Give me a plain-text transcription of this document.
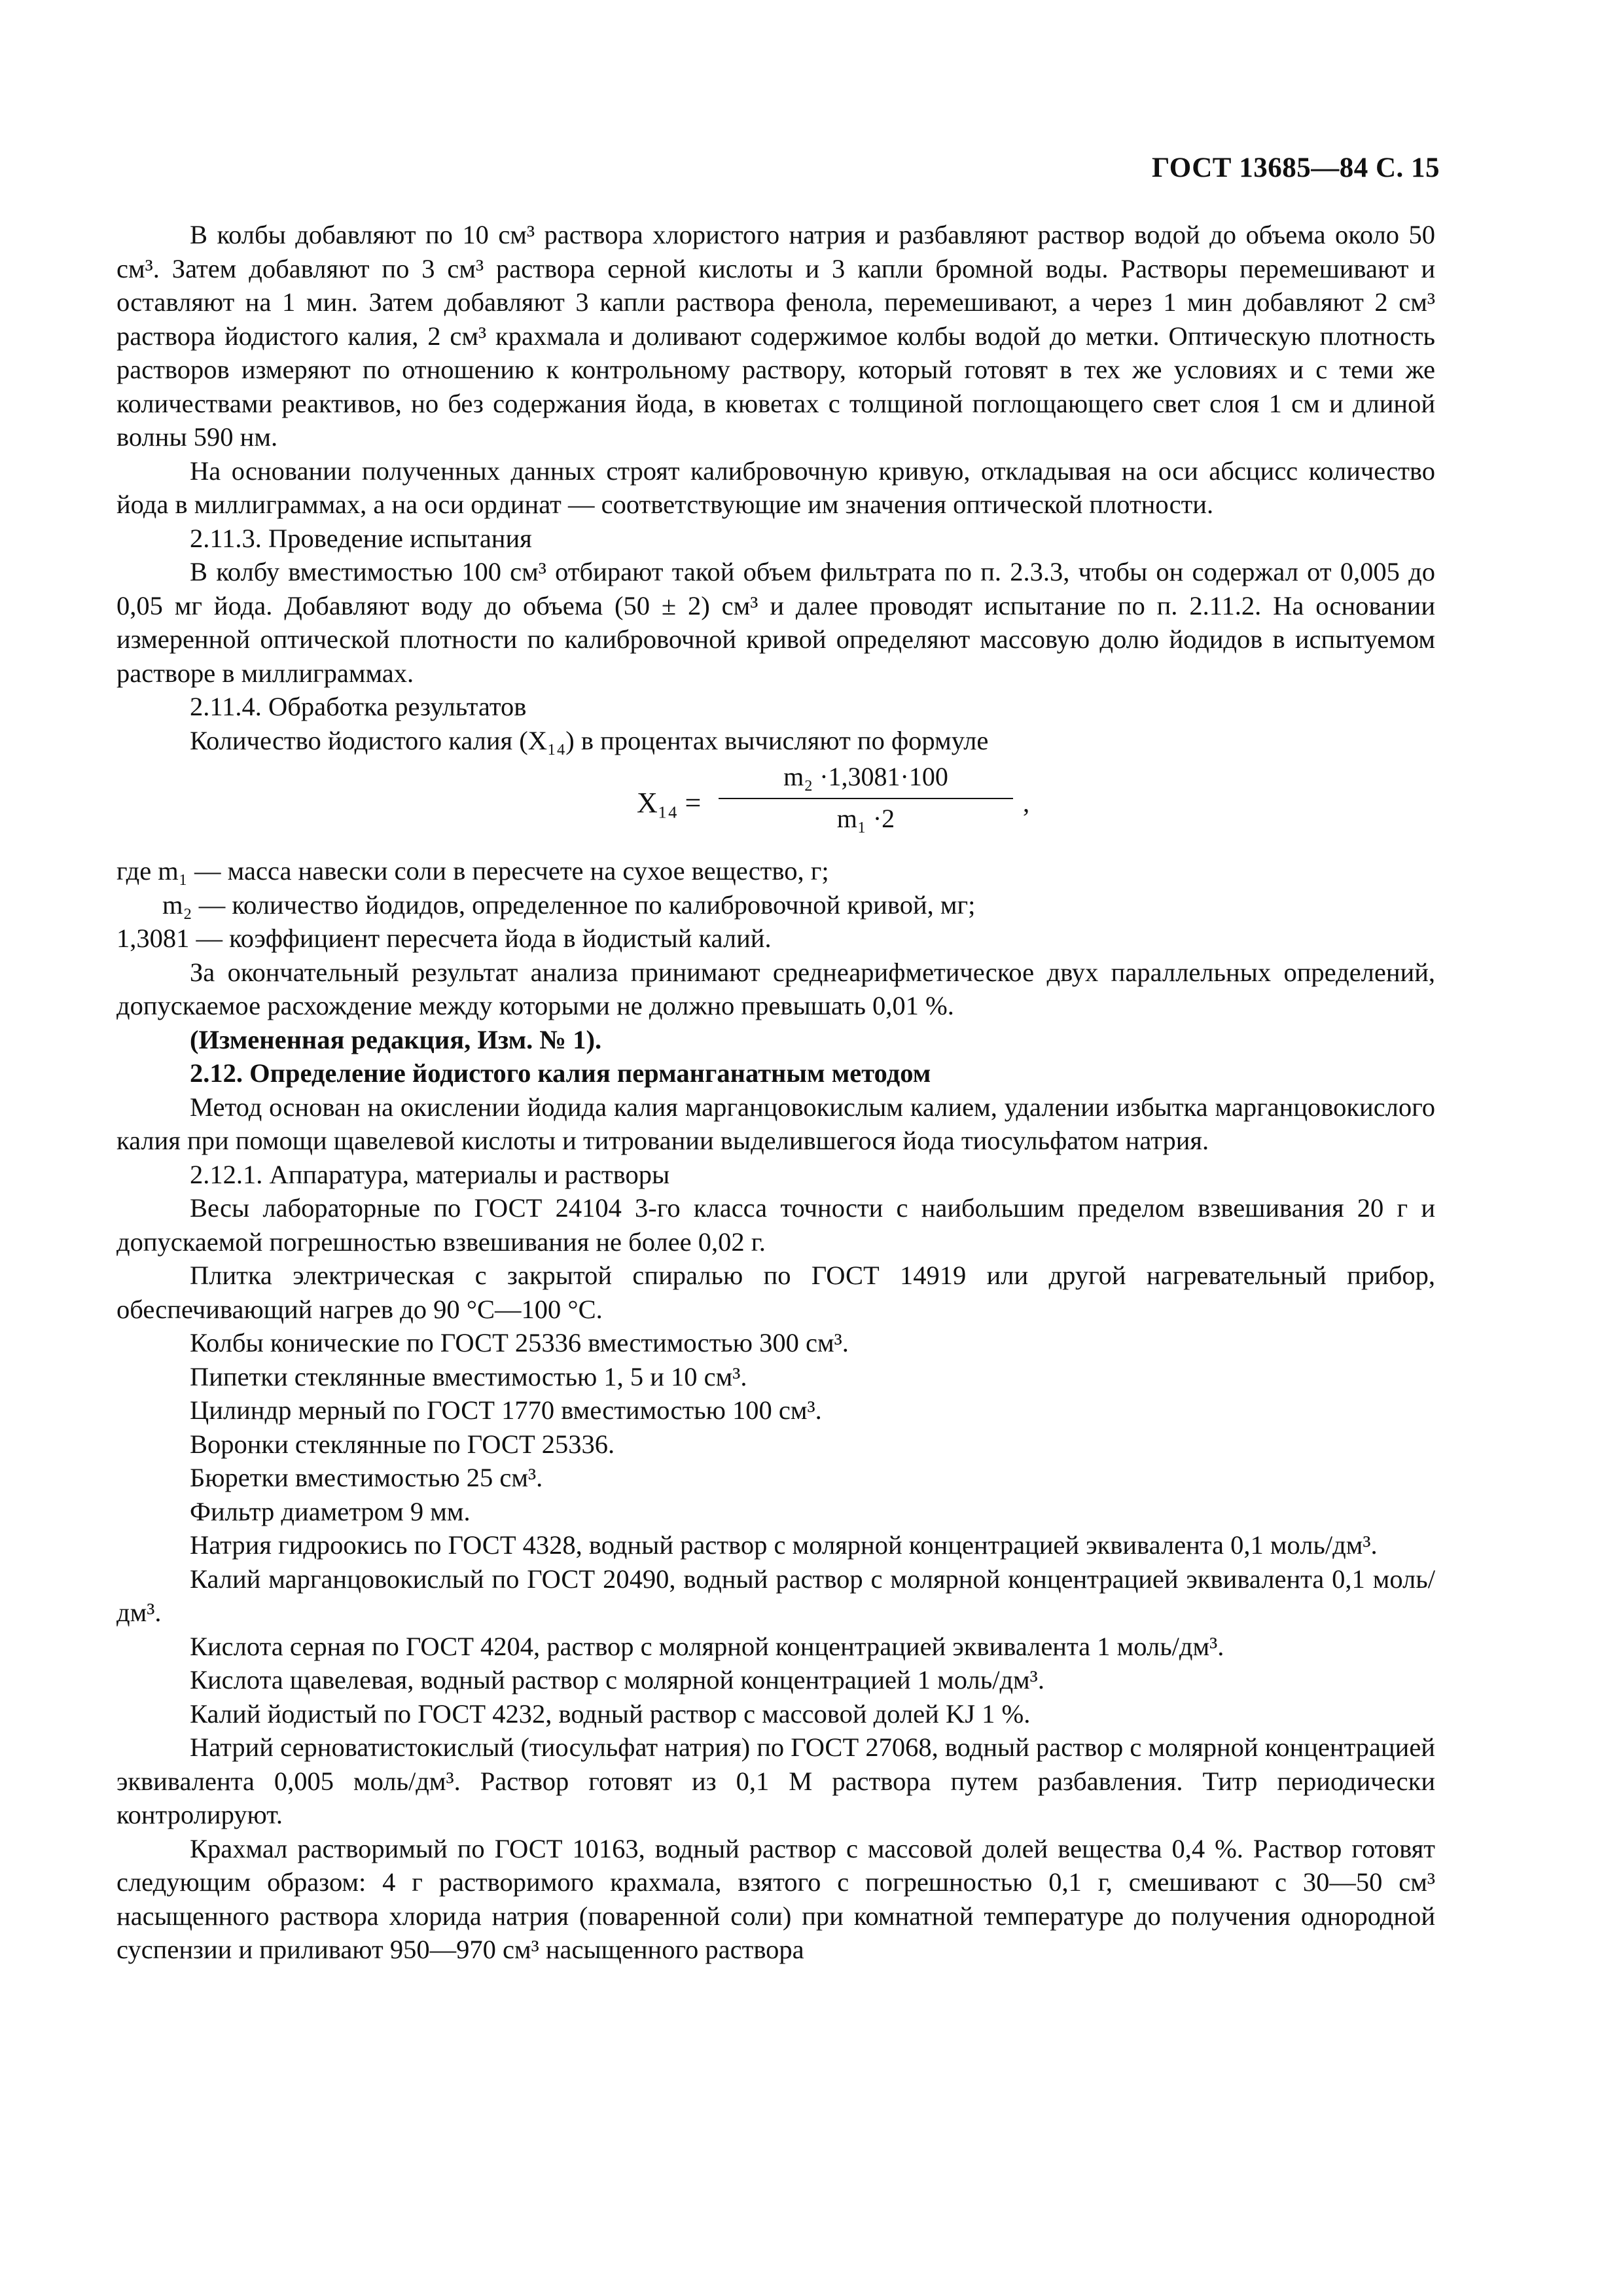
ГОСТ 13685—84 С. 15

В колбы добавляют по 10 см³ раствора хлористого натрия и разбавляют раствор водой до объема около 50 см³. Затем добавляют по 3 см³ раствора серной кислоты и 3 капли бромной воды. Растворы перемешивают и оставляют на 1 мин. Затем добавляют 3 капли раствора фенола, перемешивают, а через 1 мин добавляют 2 см³ раствора йодистого калия, 2 см³ крахмала и доливают содержимое колбы водой до метки. Оптическую плотность растворов измеряют по отношению к контрольному раствору, который готовят в тех же условиях и с теми же количествами реактивов, но без содержания йода, в кюветах с толщиной поглощающего свет слоя 1 см и длиной волны 590 нм.

На основании полученных данных строят калибровочную кривую, откладывая на оси абсцисс количество йода в миллиграммах, а на оси ординат — соответствующие им значения оптической плотности.

2.11.3. Проведение испытания

В колбу вместимостью 100 см³ отбирают такой объем фильтрата по п. 2.3.3, чтобы он содержал от 0,005 до 0,05 мг йода. Добавляют воду до объема (50 ± 2) см³ и далее проводят испытание по п. 2.11.2. На основании измеренной оптической плотности по калибровочной кривой определяют массовую долю йодидов в испытуемом растворе в миллиграммах.

2.11.4. Обработка результатов

Количество йодистого калия (X₁₄) в процентах вычисляют по формуле

X₁₄ =
m₂ ·1,3081·100
m₁ ·2
,
где m₁ — масса навески соли в пересчете на сухое вещество, г;
m₂ — количество йодидов, определенное по калибровочной кривой, мг;
1,3081 — коэффициент пересчета йода в йодистый калий.

За окончательный результат анализа принимают среднеарифметическое двух параллельных определений, допускаемое расхождение между которыми не должно превышать 0,01 %.

(Измененная редакция, Изм. № 1).

2.12. Определение йодистого калия перманганатным методом

Метод основан на окислении йодида калия марганцовокислым калием, удалении избытка марганцовокислого калия при помощи щавелевой кислоты и титровании выделившегося йода тиосульфатом натрия.

2.12.1. Аппаратура, материалы и растворы

Весы лабораторные по ГОСТ 24104 3-го класса точности с наибольшим пределом взвешивания 20 г и допускаемой погрешностью взвешивания не более 0,02 г.

Плитка электрическая с закрытой спиралью по ГОСТ 14919 или другой нагревательный прибор, обеспечивающий нагрев до 90 °С—100 °С.

Колбы конические по ГОСТ 25336 вместимостью 300 см³.

Пипетки стеклянные вместимостью 1, 5 и 10 см³.

Цилиндр мерный по ГОСТ 1770 вместимостью 100 см³.

Воронки стеклянные по ГОСТ 25336.

Бюретки вместимостью 25 см³.

Фильтр диаметром 9 мм.

Натрия гидроокись по ГОСТ 4328, водный раствор с молярной концентрацией эквивалента 0,1 моль/дм³.

Калий марганцовокислый по ГОСТ 20490, водный раствор с молярной концентрацией эквивалента 0,1 моль/дм³.

Кислота серная по ГОСТ 4204, раствор с молярной концентрацией эквивалента 1 моль/дм³.

Кислота щавелевая, водный раствор с молярной концентрацией 1 моль/дм³.

Калий йодистый по ГОСТ 4232, водный раствор с массовой долей KJ 1 %.

Натрий серноватистокислый (тиосульфат натрия) по ГОСТ 27068, водный раствор с молярной концентрацией эквивалента 0,005 моль/дм³. Раствор готовят из 0,1 М раствора путем разбавления. Титр периодически контролируют.

Крахмал растворимый по ГОСТ 10163, водный раствор с массовой долей вещества 0,4 %. Раствор готовят следующим образом: 4 г растворимого крахмала, взятого с погрешностью 0,1 г, смешивают с 30—50 см³ насыщенного раствора хлорида натрия (поваренной соли) при комнатной температуре до получения однородной суспензии и приливают 950—970 см³ насыщенного раствора
